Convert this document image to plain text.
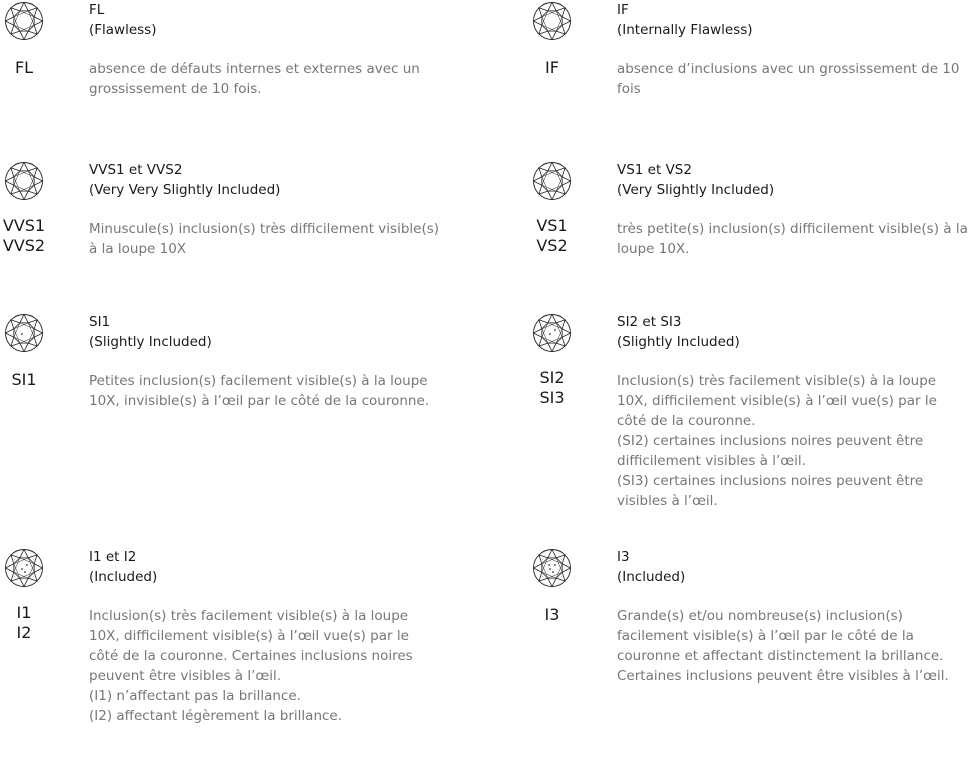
FL
FL
(Flawless)
absence de défauts internes et externes avec un
grossissement de 10 fois.
IF
IF
(Internally Flawless)
absence d’inclusions avec un grossissement de 10
fois
VVS1
VVS2
VVS1 et VVS2
(Very Very Slightly Included)
Minuscule(s) inclusion(s) très difficilement visible(s)
à la loupe 10X
VS1
VS2
VS1 et VS2
(Very Slightly Included)
très petite(s) inclusion(s) difficilement visible(s) à la
loupe 10X.
SI1
SI1
(Slightly Included)
Petites inclusion(s) facilement visible(s) à la loupe
10X, invisible(s) à l’œil par le côté de la couronne.
SI2
SI3
SI2 et SI3
(Slightly Included)
Inclusion(s) très facilement visible(s) à la loupe
10X, difficilement visible(s) à l’œil vue(s) par le
côté de la couronne.
(SI2) certaines inclusions noires peuvent être
difficilement visibles à l’œil.
(SI3) certaines inclusions noires peuvent être
visibles à l’œil.
I1
I2
I1 et I2
(Included)
Inclusion(s) très facilement visible(s) à la loupe
10X, difficilement visible(s) à l’œil vue(s) par le
côté de la couronne. Certaines inclusions noires
peuvent être visibles à l’œil.
(I1) n’affectant pas la brillance.
(I2) affectant légèrement la brillance.
I3
I3
(Included)
Grande(s) et/ou nombreuse(s) inclusion(s)
facilement visible(s) à l’œil par le côté de la
couronne et affectant distinctement la brillance.
Certaines inclusions peuvent être visibles à l’œil.
